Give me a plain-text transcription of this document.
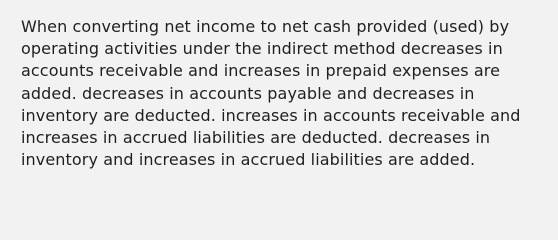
When converting net income to net cash provided (used) by
operating activities under the indirect method decreases in
accounts receivable and increases in prepaid expenses are
added. decreases in accounts payable and decreases in
inventory are deducted. increases in accounts receivable and
increases in accrued liabilities are deducted. decreases in
inventory and increases in accrued liabilities are added.
